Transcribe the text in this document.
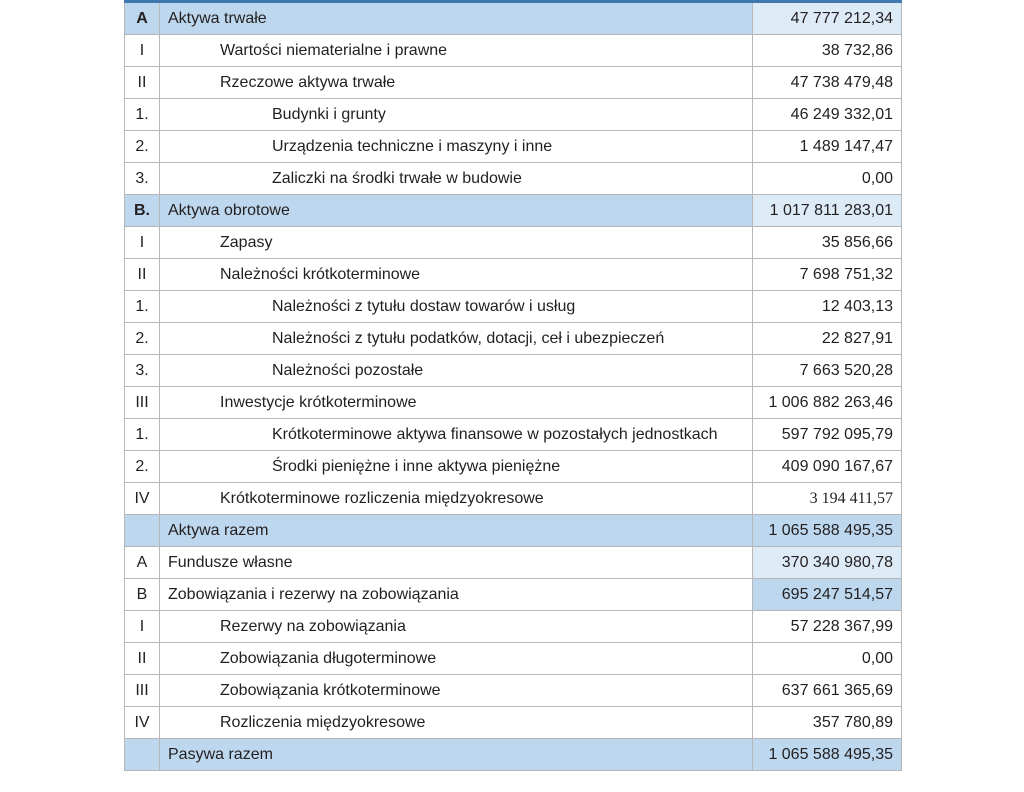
A	Aktywa trwałe	47 777 212,34
I	Wartości niematerialne i prawne	38 732,86
II	Rzeczowe aktywa trwałe	47 738 479,48
1.	Budynki i grunty	46 249 332,01
2.	Urządzenia techniczne i maszyny i inne	1 489 147,47
3.	Zaliczki na środki trwałe w budowie	0,00
B.	Aktywa obrotowe	1 017 811 283,01
I	Zapasy	35 856,66
II	Należności krótkoterminowe	7 698 751,32
1.	Należności z tytułu dostaw towarów i usług	12 403,13
2.	Należności z tytułu podatków, dotacji, ceł i ubezpieczeń	22 827,91
3.	Należności pozostałe	7 663 520,28
III	Inwestycje krótkoterminowe	1 006 882 263,46
1.	Krótkoterminowe aktywa finansowe w pozostałych jednostkach	597 792 095,79
2.	Środki pieniężne i inne aktywa pieniężne	409 090 167,67
IV	Krótkoterminowe rozliczenia międzyokresowe	3 194 411,57
	Aktywa razem	1 065 588 495,35
A	Fundusze własne	370 340 980,78
B	Zobowiązania i rezerwy na zobowiązania	695 247 514,57
I	Rezerwy na zobowiązania	57 228 367,99
II	Zobowiązania długoterminowe	0,00
III	Zobowiązania krótkoterminowe	637 661 365,69
IV	Rozliczenia międzyokresowe	357 780,89
	Pasywa razem	1 065 588 495,35
